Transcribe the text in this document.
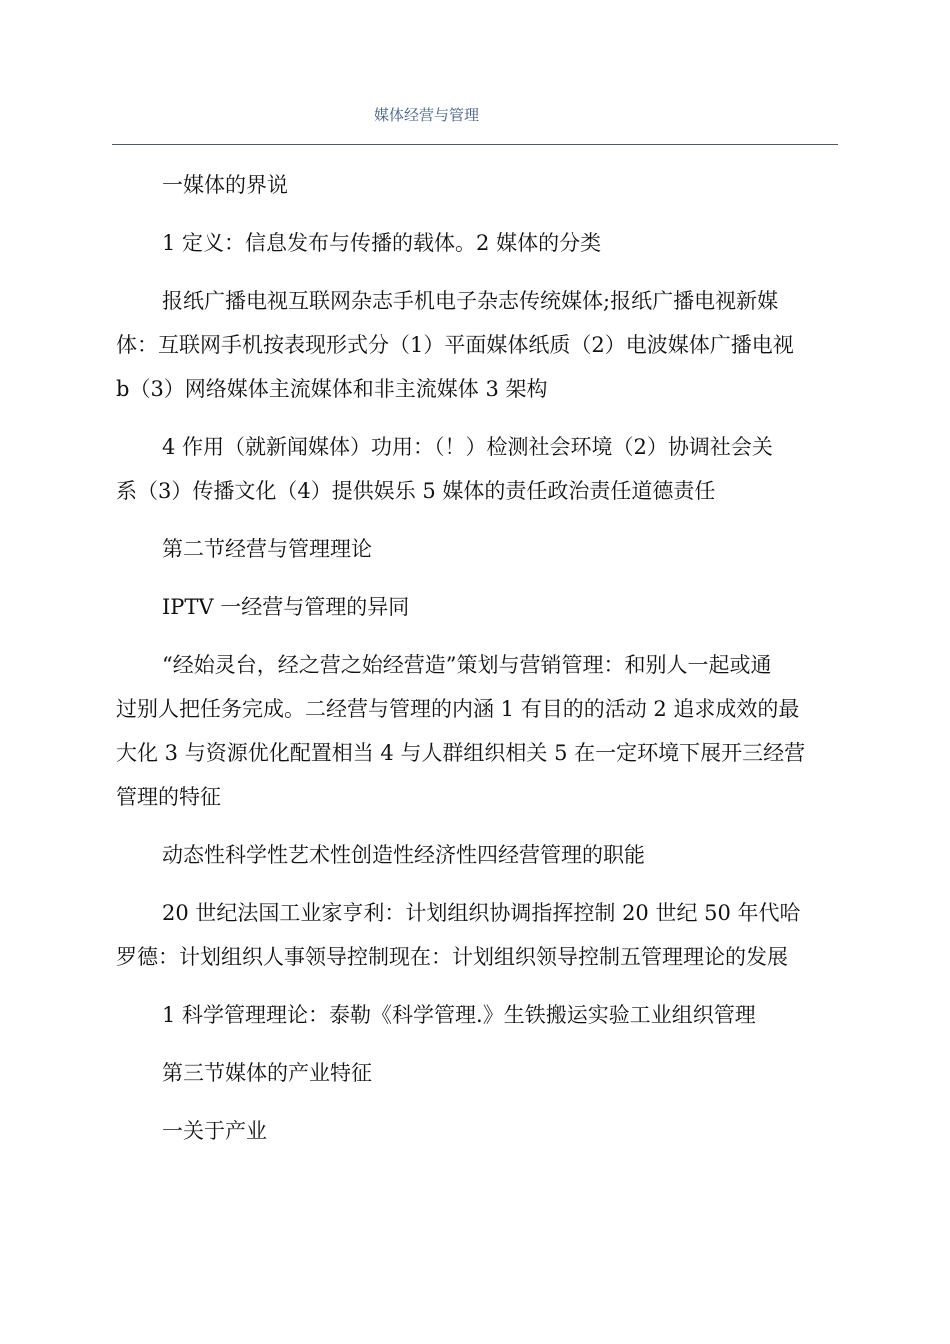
媒体经营与管理

一媒体的界说

1 定义：信息发布与传播的载体。2 媒体的分类

报纸广播电视互联网杂志手机电子杂志传统媒体;报纸广播电视新媒
体：互联网手机按表现形式分（1）平面媒体纸质（2）电波媒体广播电视
b（3）网络媒体主流媒体和非主流媒体 3 架构

4 作用（就新闻媒体）功用：（！）检测社会环境（2）协调社会关
系（3）传播文化（4）提供娱乐 5 媒体的责任政治责任道德责任

第二节经营与管理理论

IPTV 一经营与管理的异同

“经始灵台，经之营之始经营造”策划与营销管理：和别人一起或通
过别人把任务完成。二经营与管理的内涵 1 有目的的活动 2 追求成效的最
大化 3 与资源优化配置相当 4 与人群组织相关 5 在一定环境下展开三经营
管理的特征

动态性科学性艺术性创造性经济性四经营管理的职能

20 世纪法国工业家亨利：计划组织协调指挥控制 20 世纪 50 年代哈
罗德：计划组织人事领导控制现在：计划组织领导控制五管理理论的发展

1 科学管理理论：泰勒《科学管理.》生铁搬运实验工业组织管理

第三节媒体的产业特征

一关于产业
